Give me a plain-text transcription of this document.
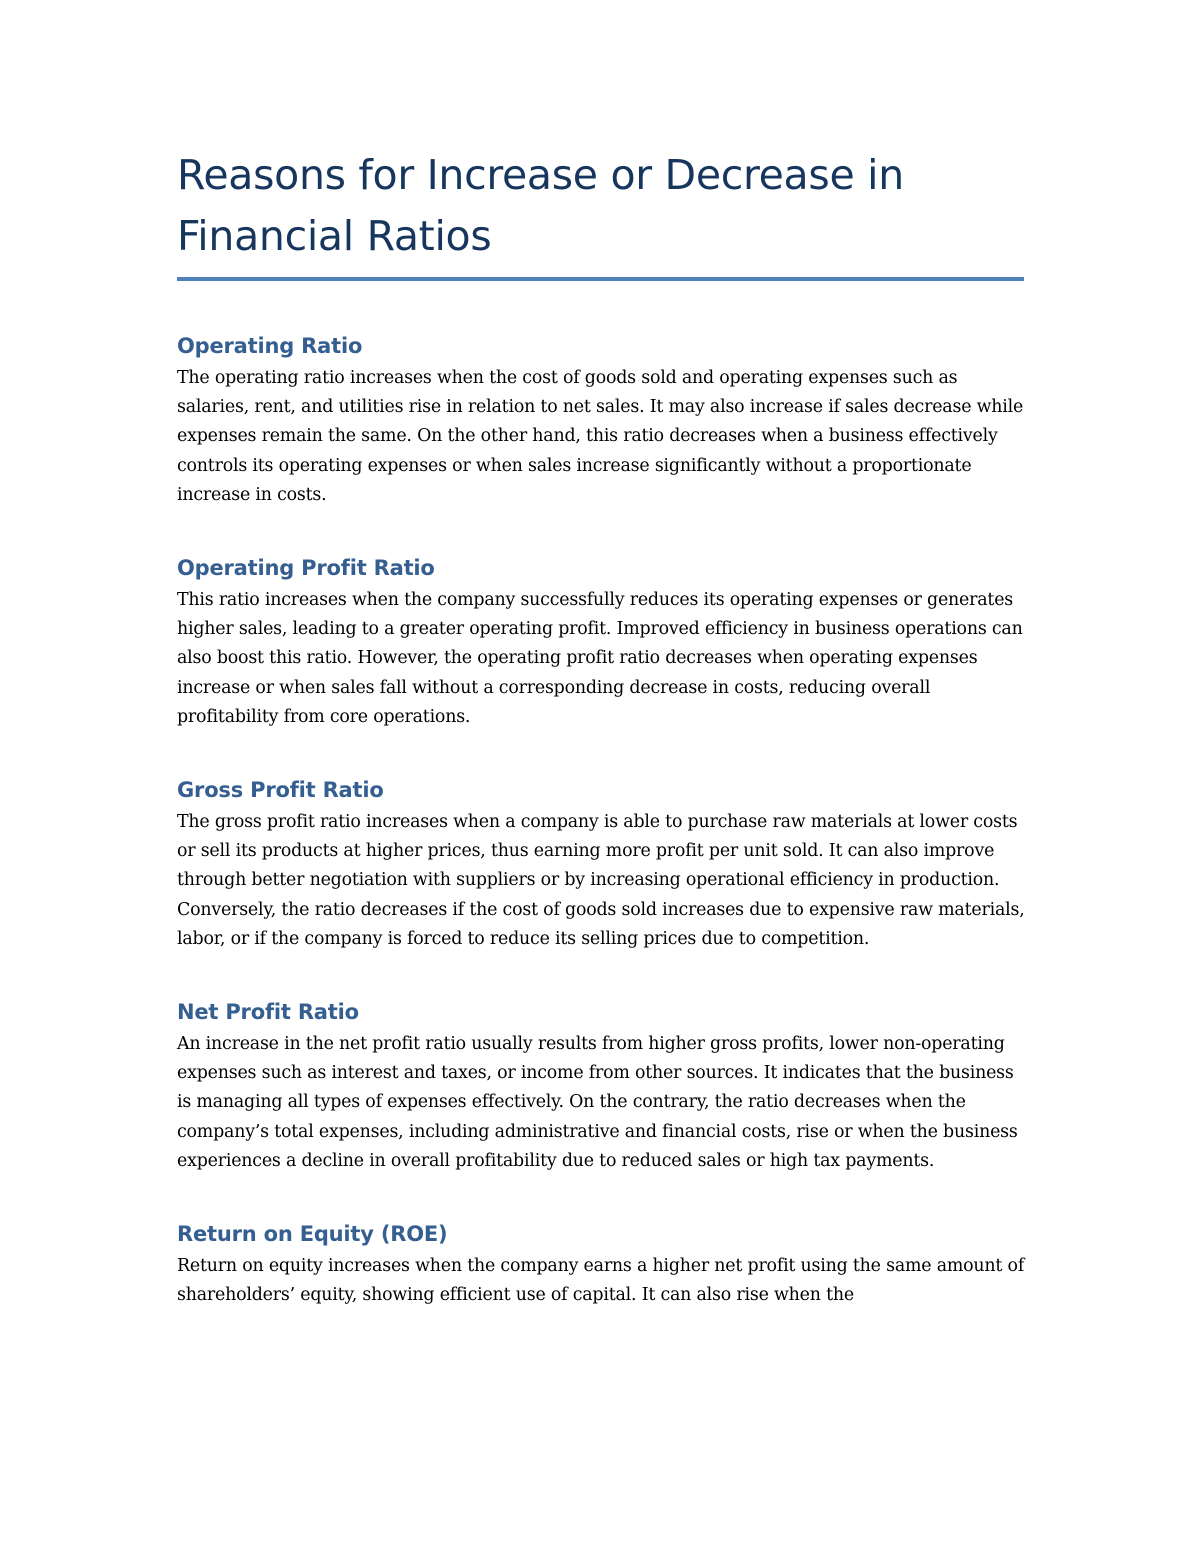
Reasons for Increase or Decrease in Financial Ratios
Operating Ratio

The operating ratio increases when the cost of goods sold and operating expenses such as salaries, rent, and utilities rise in relation to net sales. It may also increase if sales decrease while expenses remain the same. On the other hand, this ratio decreases when a business effectively controls its operating expenses or when sales increase significantly without a proportionate increase in costs.

Operating Profit Ratio

This ratio increases when the company successfully reduces its operating expenses or generates higher sales, leading to a greater operating profit. Improved efficiency in business operations can also boost this ratio. However, the operating profit ratio decreases when operating expenses increase or when sales fall without a corresponding decrease in costs, reducing overall profitability from core operations.

Gross Profit Ratio

The gross profit ratio increases when a company is able to purchase raw materials at lower costs or sell its products at higher prices, thus earning more profit per unit sold. It can also improve through better negotiation with suppliers or by increasing operational efficiency in production. Conversely, the ratio decreases if the cost of goods sold increases due to expensive raw materials, labor, or if the company is forced to reduce its selling prices due to competition.

Net Profit Ratio

An increase in the net profit ratio usually results from higher gross profits, lower non-operating expenses such as interest and taxes, or income from other sources. It indicates that the business is managing all types of expenses effectively. On the contrary, the ratio decreases when the company’s total expenses, including administrative and financial costs, rise or when the business experiences a decline in overall profitability due to reduced sales or high tax payments.

Return on Equity (ROE)

Return on equity increases when the company earns a higher net profit using the same amount of shareholders’ equity, showing efficient use of capital. It can also rise when the
